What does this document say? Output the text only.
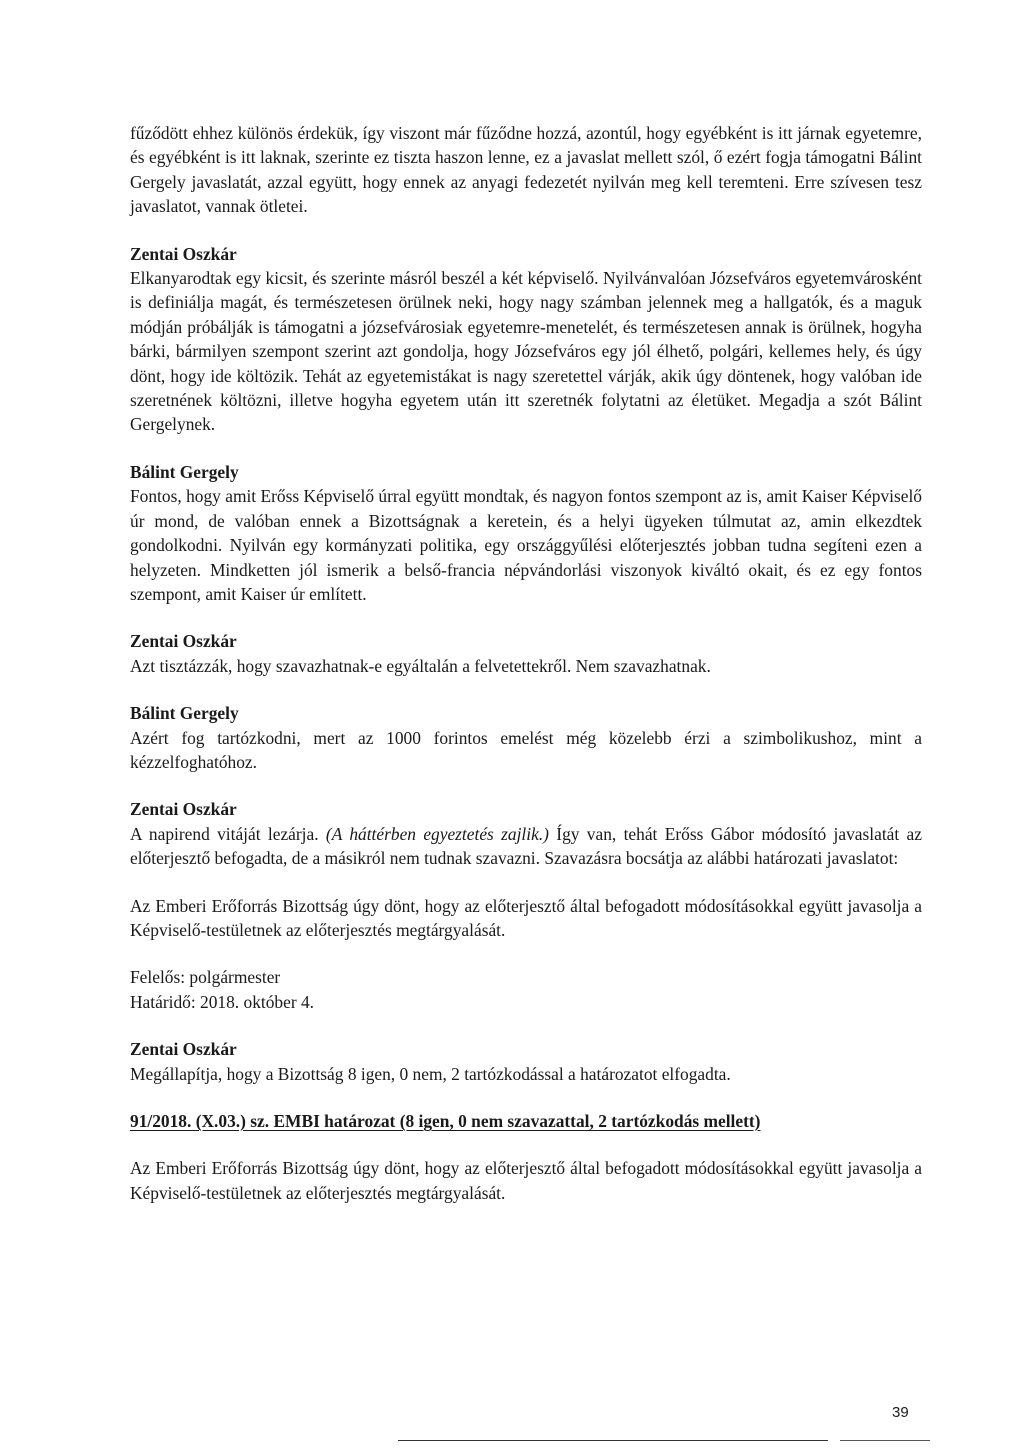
fűződött ehhez különös érdekük, így viszont már fűződne hozzá, azontúl, hogy egyébként is itt járnak egyetemre, és egyébként is itt laknak, szerinte ez tiszta haszon lenne, ez a javaslat mellett szól, ő ezért fogja támogatni Bálint Gergely javaslatát, azzal együtt, hogy ennek az anyagi fedezetét nyilván meg kell teremteni. Erre szívesen tesz javaslatot, vannak ötletei.

Zentai Oszkár

Elkanyarodtak egy kicsit, és szerinte másról beszél a két képviselő. Nyilvánvalóan Józsefváros egyetemvárosként is definiálja magát, és természetesen örülnek neki, hogy nagy számban jelennek meg a hallgatók, és a maguk módján próbálják is támogatni a józsefvárosiak egyetemre-menetelét, és természetesen annak is örülnek, hogyha bárki, bármilyen szempont szerint azt gondolja, hogy Józsefváros egy jól élhető, polgári, kellemes hely, és úgy dönt, hogy ide költözik. Tehát az egyetemistákat is nagy szeretettel várják, akik úgy döntenek, hogy valóban ide szeretnének költözni, illetve hogyha egyetem után itt szeretnék folytatni az életüket. Megadja a szót Bálint Gergelynek.

Bálint Gergely

Fontos, hogy amit Erőss Képviselő úrral együtt mondtak, és nagyon fontos szempont az is, amit Kaiser Képviselő úr mond, de valóban ennek a Bizottságnak a keretein, és a helyi ügyeken túlmutat az, amin elkezdtek gondolkodni. Nyilván egy kormányzati politika, egy országgyűlési előterjesztés jobban tudna segíteni ezen a helyzeten. Mindketten jól ismerik a belső-francia népvándorlási viszonyok kiváltó okait, és ez egy fontos szempont, amit Kaiser úr említett.

Zentai Oszkár

Azt tisztázzák, hogy szavazhatnak-e egyáltalán a felvetettekről. Nem szavazhatnak.

Bálint Gergely

Azért fog tartózkodni, mert az 1000 forintos emelést még közelebb érzi a szimbolikushoz, mint a kézzelfoghatóhoz.

Zentai Oszkár

A napirend vitáját lezárja. (A háttérben egyeztetés zajlik.) Így van, tehát Erőss Gábor módosító javaslatát az előterjesztő befogadta, de a másikról nem tudnak szavazni. Szavazásra bocsátja az alábbi határozati javaslatot:

Az Emberi Erőforrás Bizottság úgy dönt, hogy az előterjesztő által befogadott módosításokkal együtt javasolja a Képviselő-testületnek az előterjesztés megtárgyalását.

Felelős: polgármester

Határidő: 2018. október 4.

Zentai Oszkár

Megállapítja, hogy a Bizottság 8 igen, 0 nem, 2 tartózkodással a határozatot elfogadta.

91/2018. (X.03.) sz. EMBI határozat (8 igen, 0 nem szavazattal, 2 tartózkodás mellett)

Az Emberi Erőforrás Bizottság úgy dönt, hogy az előterjesztő által befogadott módosításokkal együtt javasolja a Képviselő-testületnek az előterjesztés megtárgyalását.

39
